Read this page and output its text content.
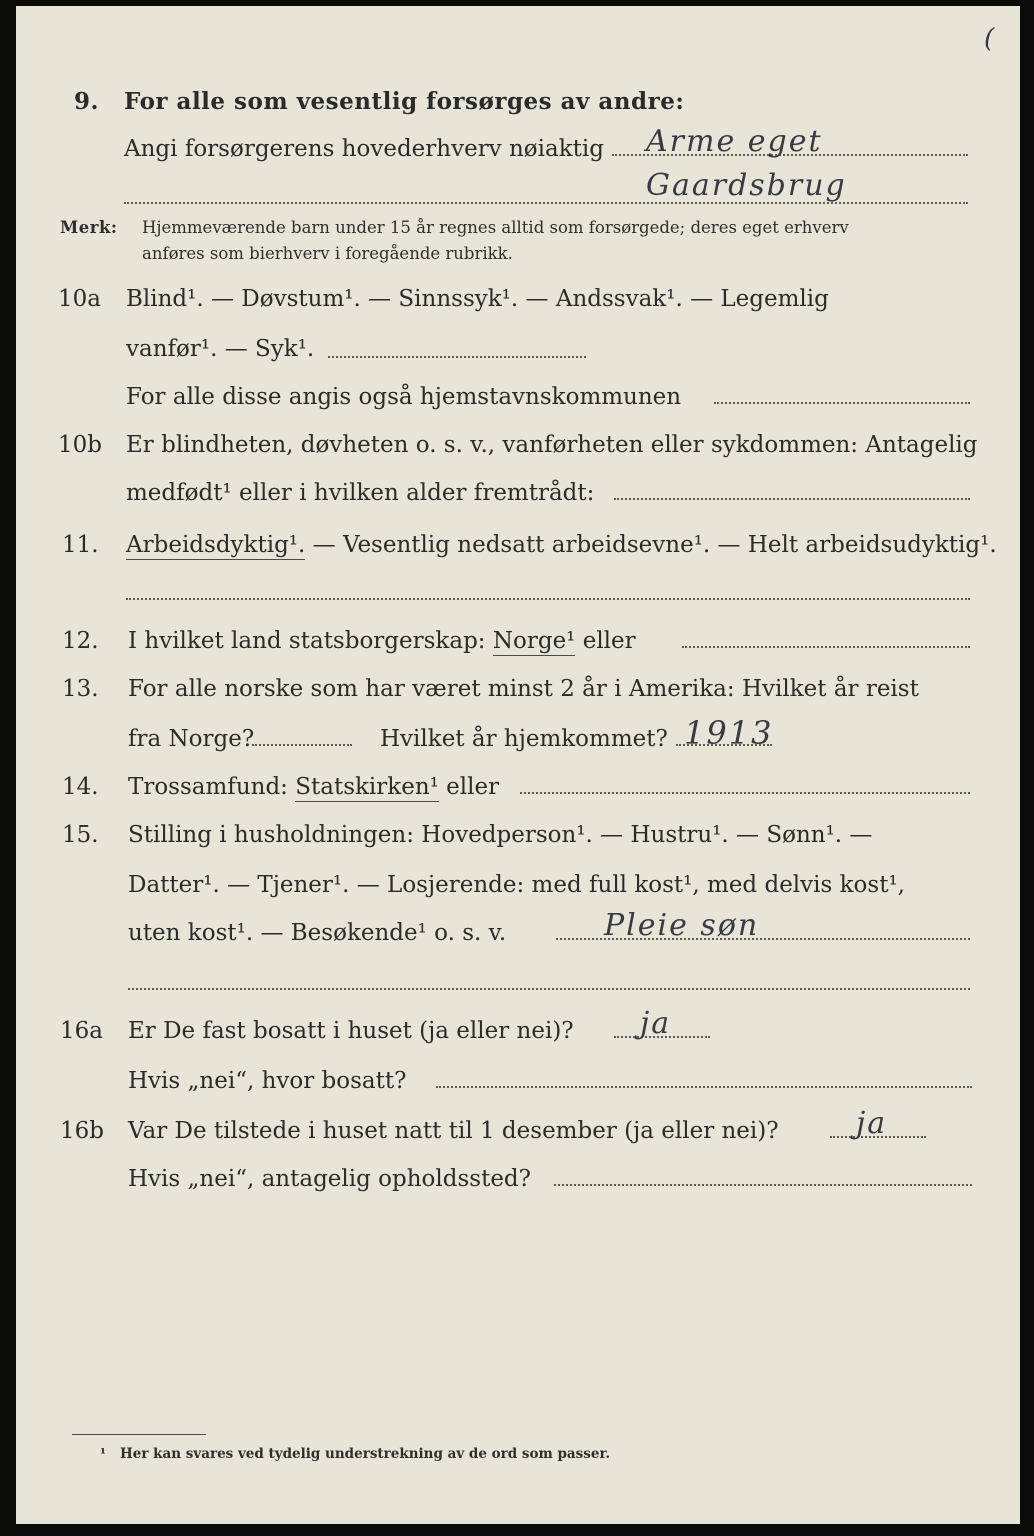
(
9. For alle som vesentlig forsørges av andre:
Angi forsørgerens hovederhverv nøiaktig Arme eget
Gaardsbrug
Merk: Hjemmeværende barn under 15 år regnes alltid som forsørgede; deres eget erhverv
anføres som bierhverv i foregående rubrikk.
10a Blind¹. — Døvstum¹. — Sinnssyk¹. — Andssvak¹. — Legemlig
vanfør¹. — Syk¹.
For alle disse angis også hjemstavnskommunen
10b Er blindheten, døvheten o. s. v., vanførheten eller sykdommen: Antagelig
medfødt¹ eller i hvilken alder fremtrådt:
11. Arbeidsdyktig¹. — Vesentlig nedsatt arbeidsevne¹. — Helt arbeidsudyktig¹.
12. I hvilket land statsborgerskap: Norge¹ eller
13. For alle norske som har været minst 2 år i Amerika: Hvilket år reist
fra Norge?	Hvilket år hjemkommet? 1913
14. Trossamfund: Statskirken¹ eller
15. Stilling i husholdningen: Hovedperson¹. — Hustru¹. — Sønn¹. —
Datter¹. — Tjener¹. — Losjerende: med full kost¹, med delvis kost¹,
uten kost¹. — Besøkende¹ o. s. v.	Pleie søn
16a Er De fast bosatt i huset (ja eller nei)? ja
Hvis „nei“, hvor bosatt?
16b Var De tilstede i huset natt til 1 desember (ja eller nei)?	ja
Hvis „nei“, antagelig opholdssted?
¹ Her kan svares ved tydelig understrekning av de ord som passer.
